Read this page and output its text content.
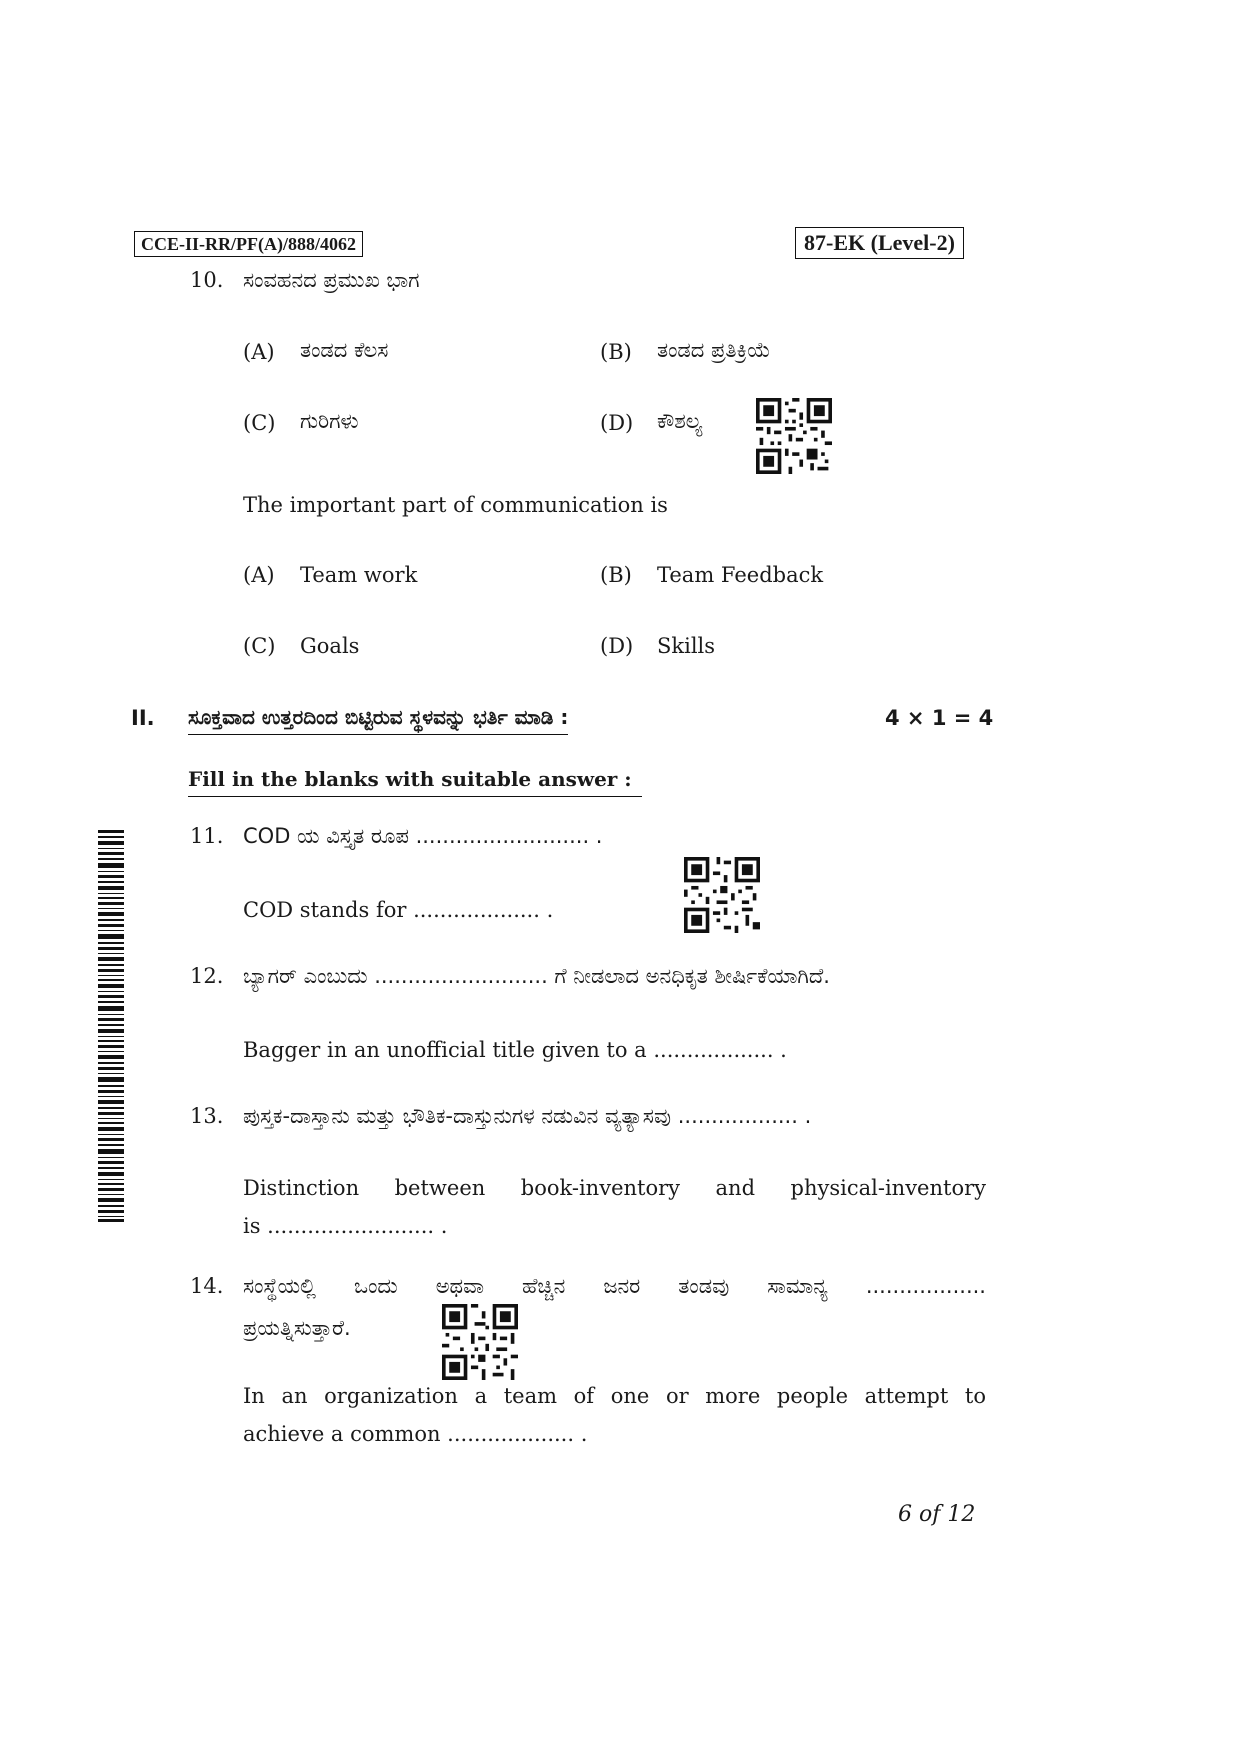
CCE-II-RR/PF(A)/888/4062	87-EK (Level-2)
10. ಸಂವಹನದ ಪ್ರಮುಖ ಭಾಗ
(A) ತಂಡದ ಕೆಲಸ	(B) ತಂಡದ ಪ್ರತಿಕ್ರಿಯೆ
(C) ಗುರಿಗಳು	(D) ಕೌಶಲ್ಯ
The important part of communication is
(A) Team work	(B) Team Feedback
(C) Goals	(D) Skills
II. ಸೂಕ್ತವಾದ ಉತ್ತರದಿಂದ ಬಿಟ್ಟಿರುವ ಸ್ಥಳವನ್ನು ಭರ್ತಿ ಮಾಡಿ :	4 × 1 = 4
Fill in the blanks with suitable answer :
11. COD ಯ ವಿಸ್ತೃತ ರೂಪ .......................... .
COD stands for ................... .
12. ಬ್ಯಾಗರ್ ಎಂಬುದು .......................... ಗೆ ನೀಡಲಾದ ಅನಧಿಕೃತ ಶೀರ್ಷಿಕೆಯಾಗಿದೆ.
Bagger in an unofficial title given to a .................. .
13. ಪುಸ್ತಕ-ದಾಸ್ತಾನು ಮತ್ತು ಭೌತಿಕ-ದಾಸ್ತುನುಗಳ ನಡುವಿನ ವ್ಯತ್ಯಾಸವು .................. .
Distinction between book-inventory and physical-inventory
is ......................... .
14. ಸಂಸ್ಥೆಯಲ್ಲಿ ಒಂದು ಅಥವಾ ಹೆಚ್ಚಿನ ಜನರ ತಂಡವು ಸಾಮಾನ್ಯ ..................
ಪ್ರಯತ್ನಿಸುತ್ತಾರೆ.
In an organization a team of one or more people attempt to
achieve a common ................... .
6 of 12
